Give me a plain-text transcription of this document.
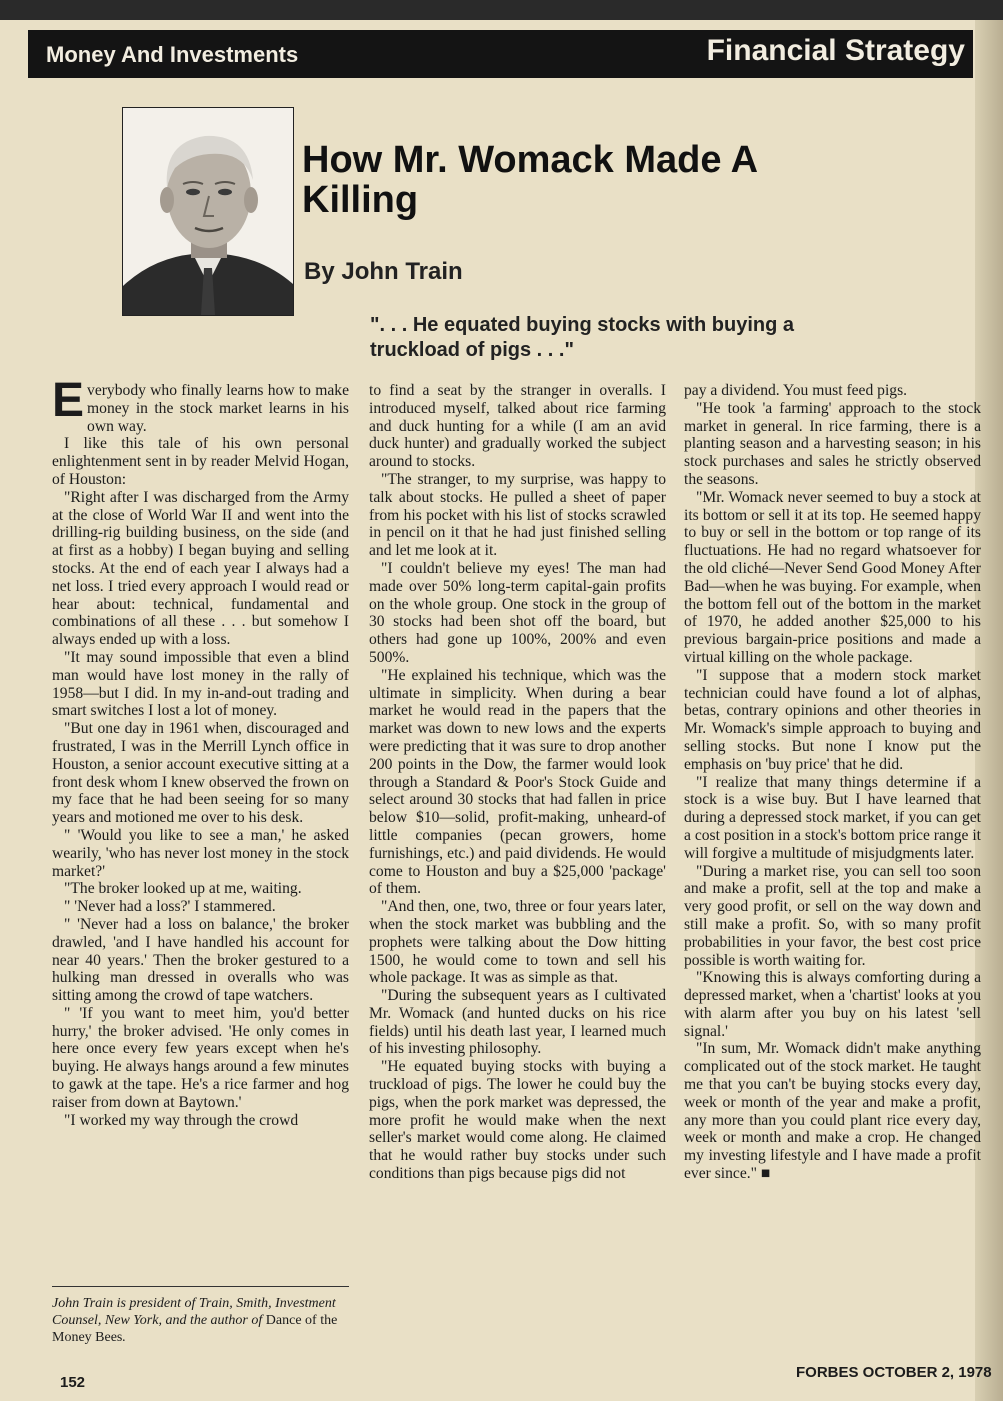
Money And Investments	Financial Strategy
How Mr. Womack Made A Killing
By John Train
". . . He equated buying stocks with buying a truckload of pigs . . ."

Everybody who finally learns how to make money in the stock market learns in his own way.

I like this tale of his own personal enlightenment sent in by reader Melvid Hogan, of Houston:

"Right after I was discharged from the Army at the close of World War II and went into the drilling-rig building business, on the side (and at first as a hobby) I began buying and selling stocks. At the end of each year I always had a net loss. I tried every approach I would read or hear about: technical, fundamental and combinations of all these . . . but somehow I always ended up with a loss.

"It may sound impossible that even a blind man would have lost money in the rally of 1958—but I did. In my in-and-out trading and smart switches I lost a lot of money.

"But one day in 1961 when, discouraged and frustrated, I was in the Merrill Lynch office in Houston, a senior account executive sitting at a front desk whom I knew observed the frown on my face that he had been seeing for so many years and motioned me over to his desk.

" 'Would you like to see a man,' he asked wearily, 'who has never lost money in the stock market?'

"The broker looked up at me, waiting.

" 'Never had a loss?' I stammered.

" 'Never had a loss on balance,' the broker drawled, 'and I have handled his account for near 40 years.' Then the broker gestured to a hulking man dressed in overalls who was sitting among the crowd of tape watchers.

" 'If you want to meet him, you'd better hurry,' the broker advised. 'He only comes in here once every few years except when he's buying. He always hangs around a few minutes to gawk at the tape. He's a rice farmer and hog raiser from down at Baytown.'

"I worked my way through the crowd

John Train is president of Train, Smith, Investment Counsel, New York, and the author of Dance of the Money Bees.

to find a seat by the stranger in overalls. I introduced myself, talked about rice farming and duck hunting for a while (I am an avid duck hunter) and gradually worked the subject around to stocks.

"The stranger, to my surprise, was happy to talk about stocks. He pulled a sheet of paper from his pocket with his list of stocks scrawled in pencil on it that he had just finished selling and let me look at it.

"I couldn't believe my eyes! The man had made over 50% long-term capital-gain profits on the whole group. One stock in the group of 30 stocks had been shot off the board, but others had gone up 100%, 200% and even 500%.

"He explained his technique, which was the ultimate in simplicity. When during a bear market he would read in the papers that the market was down to new lows and the experts were predicting that it was sure to drop another 200 points in the Dow, the farmer would look through a Standard & Poor's Stock Guide and select around 30 stocks that had fallen in price below $10—solid, profit-making, unheard-of little companies (pecan growers, home furnishings, etc.) and paid dividends. He would come to Houston and buy a $25,000 'package' of them.

"And then, one, two, three or four years later, when the stock market was bubbling and the prophets were talking about the Dow hitting 1500, he would come to town and sell his whole package. It was as simple as that.

"During the subsequent years as I cultivated Mr. Womack (and hunted ducks on his rice fields) until his death last year, I learned much of his investing philosophy.

"He equated buying stocks with buying a truckload of pigs. The lower he could buy the pigs, when the pork market was depressed, the more profit he would make when the next seller's market would come along. He claimed that he would rather buy stocks under such conditions than pigs because pigs did not

pay a dividend. You must feed pigs.

"He took 'a farming' approach to the stock market in general. In rice farming, there is a planting season and a harvesting season; in his stock purchases and sales he strictly observed the seasons.

"Mr. Womack never seemed to buy a stock at its bottom or sell it at its top. He seemed happy to buy or sell in the bottom or top range of its fluctuations. He had no regard whatsoever for the old cliché—Never Send Good Money After Bad—when he was buying. For example, when the bottom fell out of the bottom in the market of 1970, he added another $25,000 to his previous bargain-price positions and made a virtual killing on the whole package.

"I suppose that a modern stock market technician could have found a lot of alphas, betas, contrary opinions and other theories in Mr. Womack's simple approach to buying and selling stocks. But none I know put the emphasis on 'buy price' that he did.

"I realize that many things determine if a stock is a wise buy. But I have learned that during a depressed stock market, if you can get a cost position in a stock's bottom price range it will forgive a multitude of misjudgments later.

"During a market rise, you can sell too soon and make a profit, sell at the top and make a very good profit, or sell on the way down and still make a profit. So, with so many profit probabilities in your favor, the best cost price possible is worth waiting for.

"Knowing this is always comforting during a depressed market, when a 'chartist' looks at you with alarm after you buy on his latest 'sell signal.'

"In sum, Mr. Womack didn't make anything complicated out of the stock market. He taught me that you can't be buying stocks every day, week or month of the year and make a profit, any more than you could plant rice every day, week or month and make a crop. He changed my investing lifestyle and I have made a profit ever since." ■

152
FORBES OCTOBER 2, 1978
